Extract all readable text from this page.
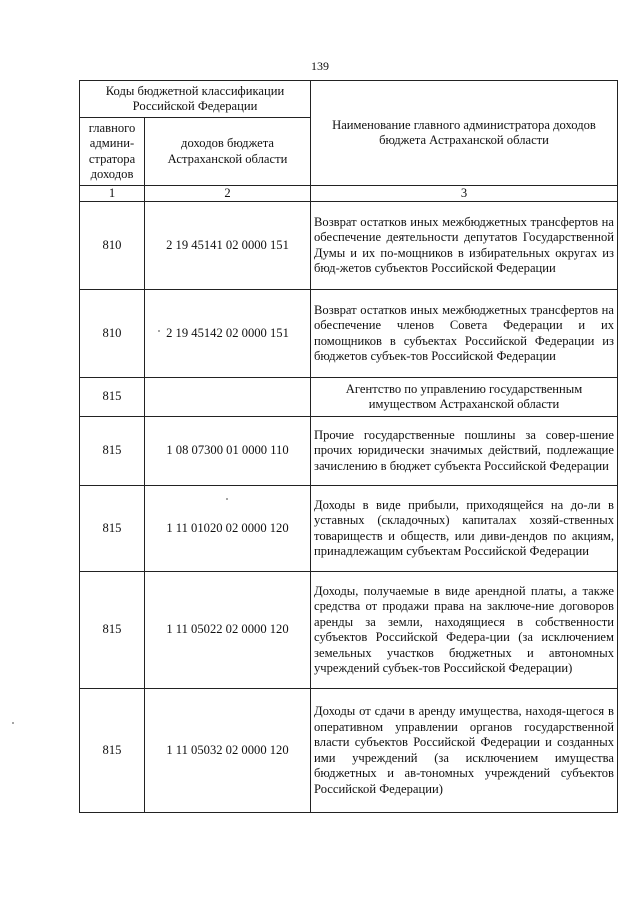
139
Коды бюджетной классификации Российской Федерации		Наименование главного администратора доходов бюджета Астраханской области
главного админи-стратора доходов	доходов бюджета Астраханской области	
1	2	3
810	2 19 45141 02 0000 151	Возврат остатков иных межбюджетных трансфертов на обеспечение деятельности депутатов Государственной Думы и их по-мощников в избирательных округах из бюд-жетов субъектов Российской Федерации
810	2 19 45142 02 0000 151	Возврат остатков иных межбюджетных трансфертов на обеспечение членов Совета Федерации и их помощников в субъектах Российской Федерации из бюджетов субъек-тов Российской Федерации
815		Агентство по управлению государственным имуществом Астраханской области
815	1 08 07300 01 0000 110	Прочие государственные пошлины за совер-шение прочих юридически значимых действий, подлежащие зачислению в бюджет субъекта Российской Федерации
815	1 11 01020 02 0000 120	Доходы в виде прибыли, приходящейся на до-ли в уставных (складочных) капиталах хозяй-ственных товариществ и обществ, или диви-дендов по акциям, принадлежащим субъектам Российской Федерации
815	1 11 05022 02 0000 120	Доходы, получаемые в виде арендной платы, а также средства от продажи права на заключе-ние договоров аренды за земли, находящиеся в собственности субъектов Российской Федера-ции (за исключением земельных участков бюджетных и автономных учреждений субъек-тов Российской Федерации)
815	1 11 05032 02 0000 120	Доходы от сдачи в аренду имущества, находя-щегося в оперативном управлении органов государственной власти субъектов Российской Федерации и созданных ими учреждений (за исключением имущества бюджетных и ав-тономных учреждений субъектов Российской Федерации)
